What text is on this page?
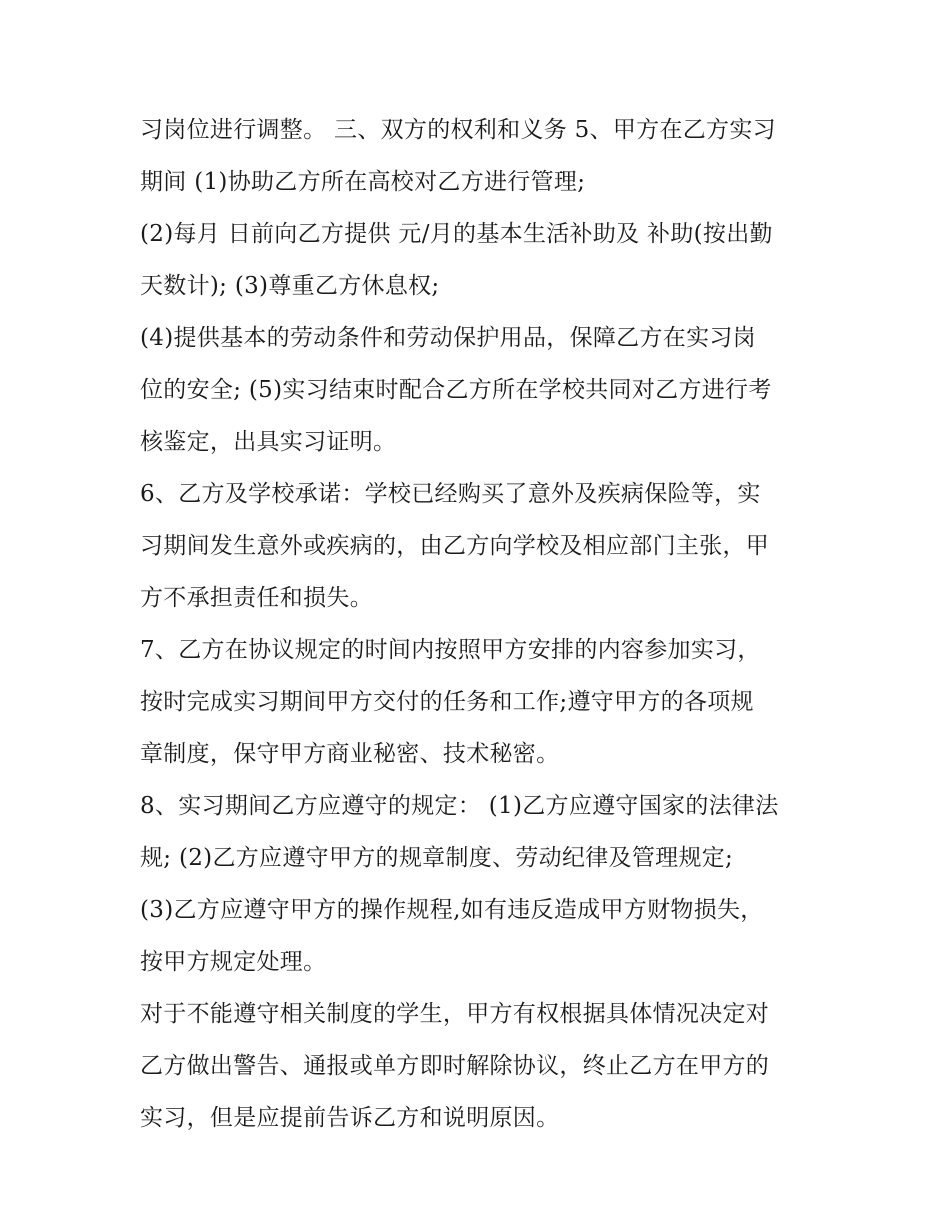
习岗位进行调整。 三、双方的权利和义务 5、甲方在乙方实习
期间 (1)协助乙方所在高校对乙方进行管理;
(2)每月 日前向乙方提供 元/月的基本生活补助及 补助(按出勤
天数计); (3)尊重乙方休息权;
(4)提供基本的劳动条件和劳动保护用品，保障乙方在实习岗
位的安全; (5)实习结束时配合乙方所在学校共同对乙方进行考
核鉴定，出具实习证明。
6、乙方及学校承诺：学校已经购买了意外及疾病保险等，实
习期间发生意外或疾病的，由乙方向学校及相应部门主张，甲
方不承担责任和损失。
7、乙方在协议规定的时间内按照甲方安排的内容参加实习，
按时完成实习期间甲方交付的任务和工作;遵守甲方的各项规
章制度，保守甲方商业秘密、技术秘密。
8、实习期间乙方应遵守的规定： (1)乙方应遵守国家的法律法
规; (2)乙方应遵守甲方的规章制度、劳动纪律及管理规定;
(3)乙方应遵守甲方的操作规程,如有违反造成甲方财物损失，
按甲方规定处理。
对于不能遵守相关制度的学生，甲方有权根据具体情况决定对
乙方做出警告、通报或单方即时解除协议，终止乙方在甲方的
实习，但是应提前告诉乙方和说明原因。
